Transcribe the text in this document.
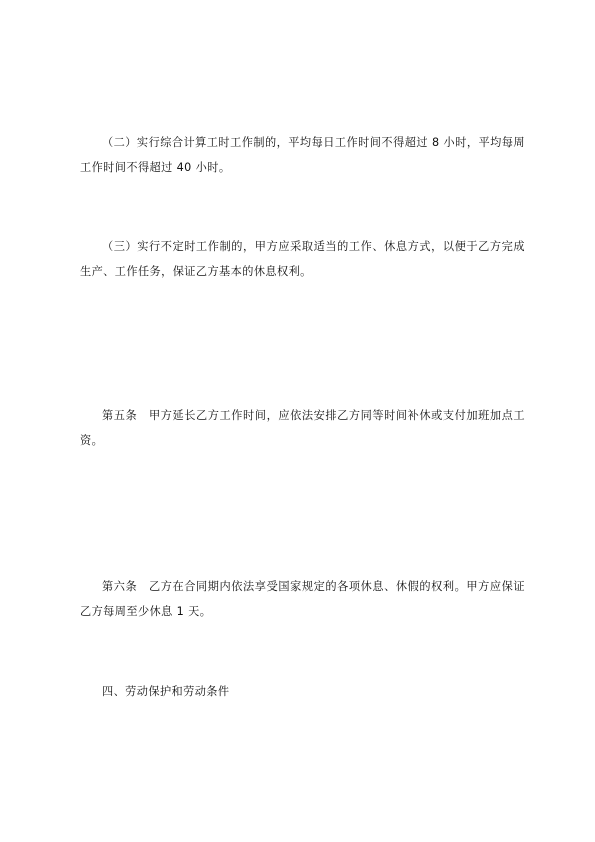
（二）实行综合计算工时工作制的，平均每日工作时间不得超过 8 小时，平均每周工作时间不得超过 40 小时。

（三）实行不定时工作制的，甲方应采取适当的工作、休息方式，以便于乙方完成生产、工作任务，保证乙方基本的休息权利。

第五条　甲方延长乙方工作时间，应依法安排乙方同等时间补休或支付加班加点工资。

第六条　乙方在合同期内依法享受国家规定的各项休息、休假的权利。甲方应保证乙方每周至少休息 1 天。

四、劳动保护和劳动条件
